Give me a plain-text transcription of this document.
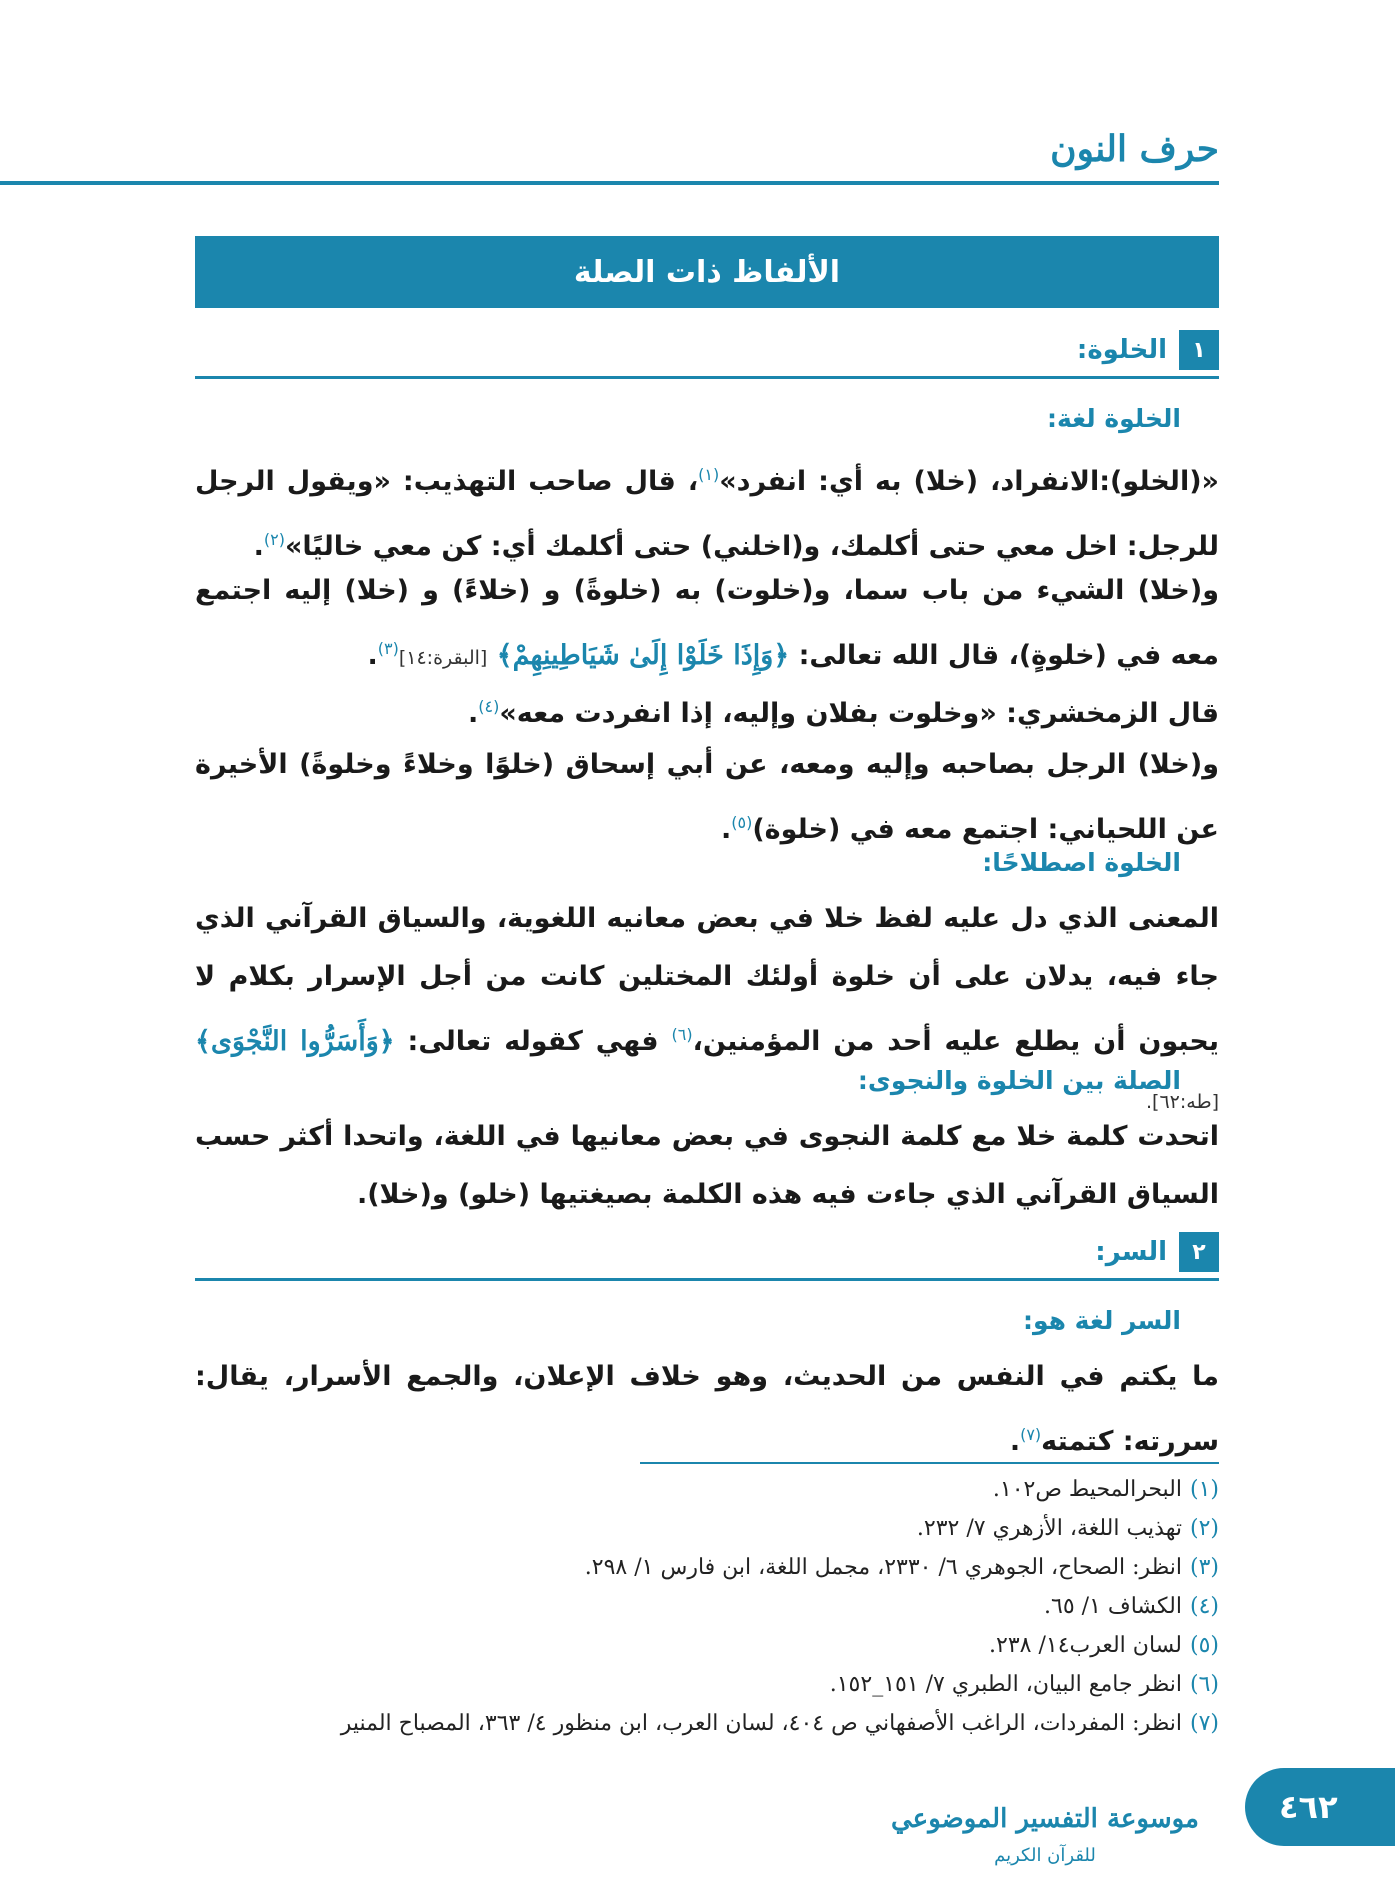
حرف النون
الألفاظ ذات الصلة
١
الخلوة:
الخلوة لغة:
«(الخلو):الانفراد، (خلا) به أي: انفرد»$^{(١)}$، قال صاحب التهذيب: «ويقول الرجل للرجل: اخل معي حتى أكلمك، و(اخلني) حتى أكلمك أي: كن معي خاليًا»$^{(٢)}$.
و(خلا) الشيء من باب سما، و(خلوت) به (خلوةً) و (خلاءً) و (خلا) إليه اجتمع معه في (خلوةٍ)، قال الله تعالى: ﴿وَإِذَا خَلَوْا إِلَىٰ شَيَاطِينِهِمْ﴾ [البقرة:١٤]$^{(٣)}$.
قال الزمخشري: «وخلوت بفلان وإليه، إذا انفردت معه»$^{(٤)}$.
و(خلا) الرجل بصاحبه وإليه ومعه، عن أبي إسحاق (خلوًا وخلاءً وخلوةً) الأخيرة عن اللحياني: اجتمع معه في (خلوة)$^{(٥)}$.
الخلوة اصطلاحًا:
المعنى الذي دل عليه لفظ خلا في بعض معانيه اللغوية، والسياق القرآني الذي جاء فيه، يدلان على أن خلوة أولئك المختلين كانت من أجل الإسرار بكلام لا يحبون أن يطلع عليه أحد من المؤمنين،$^{(٦)}$ فهي كقوله تعالى: ﴿وَأَسَرُّوا النَّجْوَى﴾ [طه:٦٢].
الصلة بين الخلوة والنجوى:
اتحدت كلمة خلا مع كلمة النجوى في بعض معانيها في اللغة، واتحدا أكثر حسب السياق القرآني الذي جاءت فيه هذه الكلمة بصيغتيها (خلو) و(خلا).
٢
السر:
السر لغة هو:
ما يكتم في النفس من الحديث، وهو خلاف الإعلان، والجمع الأسرار، يقال: سررته: كتمته$^{(٧)}$.
(١)البحرالمحيط ص١٠٢.
(٢)تهذيب اللغة، الأزهري ٧/ ٢٣٢.
(٣)انظر: الصحاح، الجوهري ٦/ ٢٣٣٠، مجمل اللغة، ابن فارس ١/ ٢٩٨.
(٤)الكشاف ١/ ٦٥.
(٥)لسان العرب١٤/ ٢٣٨.
(٦)انظر جامع البيان، الطبري ٧/ ١٥١_١٥٢.
(٧)انظر: المفردات، الراغب الأصفهاني ص ٤٠٤، لسان العرب، ابن منظور ٤/ ٣٦٣، المصباح المنير
موسوعة التفسير الموضوعي
للقرآن الكريم
٤٦٢
